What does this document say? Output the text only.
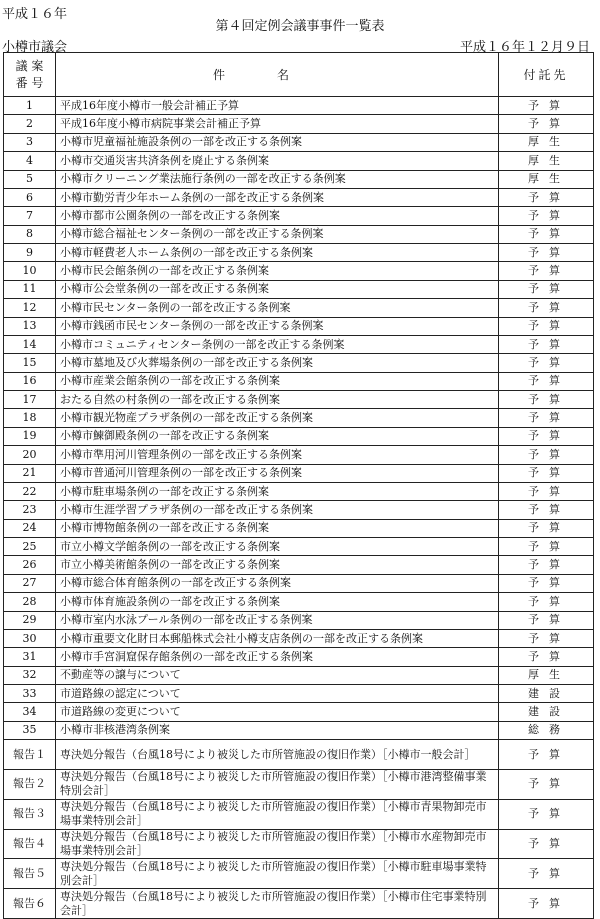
平成１６年
第４回定例会議事事件一覧表
小樽市議会	平成１６年１２月９日
議 案
番 号	件名	付託先
1	平成16年度小樽市一般会計補正予算	予算
2	平成16年度小樽市病院事業会計補正予算	予算
3	小樽市児童福祉施設条例の一部を改正する条例案	厚生
4	小樽市交通災害共済条例を廃止する条例案	厚生
5	小樽市クリーニング業法施行条例の一部を改正する条例案	厚生
6	小樽市勤労青少年ホーム条例の一部を改正する条例案	予算
7	小樽市都市公園条例の一部を改正する条例案	予算
8	小樽市総合福祉センター条例の一部を改正する条例案	予算
9	小樽市軽費老人ホーム条例の一部を改正する条例案	予算
10	小樽市民会館条例の一部を改正する条例案	予算
11	小樽市公会堂条例の一部を改正する条例案	予算
12	小樽市民センター条例の一部を改正する条例案	予算
13	小樽市銭函市民センター条例の一部を改正する条例案	予算
14	小樽市コミュニティセンター条例の一部を改正する条例案	予算
15	小樽市墓地及び火葬場条例の一部を改正する条例案	予算
16	小樽市産業会館条例の一部を改正する条例案	予算
17	おたる自然の村条例の一部を改正する条例案	予算
18	小樽市観光物産プラザ条例の一部を改正する条例案	予算
19	小樽市鰊御殿条例の一部を改正する条例案	予算
20	小樽市準用河川管理条例の一部を改正する条例案	予算
21	小樽市普通河川管理条例の一部を改正する条例案	予算
22	小樽市駐車場条例の一部を改正する条例案	予算
23	小樽市生涯学習プラザ条例の一部を改正する条例案	予算
24	小樽市博物館条例の一部を改正する条例案	予算
25	市立小樽文学館条例の一部を改正する条例案	予算
26	市立小樽美術館条例の一部を改正する条例案	予算
27	小樽市総合体育館条例の一部を改正する条例案	予算
28	小樽市体育施設条例の一部を改正する条例案	予算
29	小樽市室内水泳プール条例の一部を改正する条例案	予算
30	小樽市重要文化財日本郵船株式会社小樽支店条例の一部を改正する条例案	予算
31	小樽市手宮洞窟保存館条例の一部を改正する条例案	予算
32	不動産等の譲与について	厚生
33	市道路線の認定について	建設
34	市道路線の変更について	建設
35	小樽市非核港湾条例案	総務
報告１	専決処分報告（台風18号により被災した市所管施設の復旧作業）［小樽市一般会計］	予算
報告２	専決処分報告（台風18号により被災した市所管施設の復旧作業）［小樽市港湾整備事業特別会計］	予算
報告３	専決処分報告（台風18号により被災した市所管施設の復旧作業）［小樽市青果物卸売市場事業特別会計］	予算
報告４	専決処分報告（台風18号により被災した市所管施設の復旧作業）［小樽市水産物卸売市場事業特別会計］	予算
報告５	専決処分報告（台風18号により被災した市所管施設の復旧作業）［小樽市駐車場事業特別会計］	予算
報告６	専決処分報告（台風18号により被災した市所管施設の復旧作業）［小樽市住宅事業特別会計］	予算
